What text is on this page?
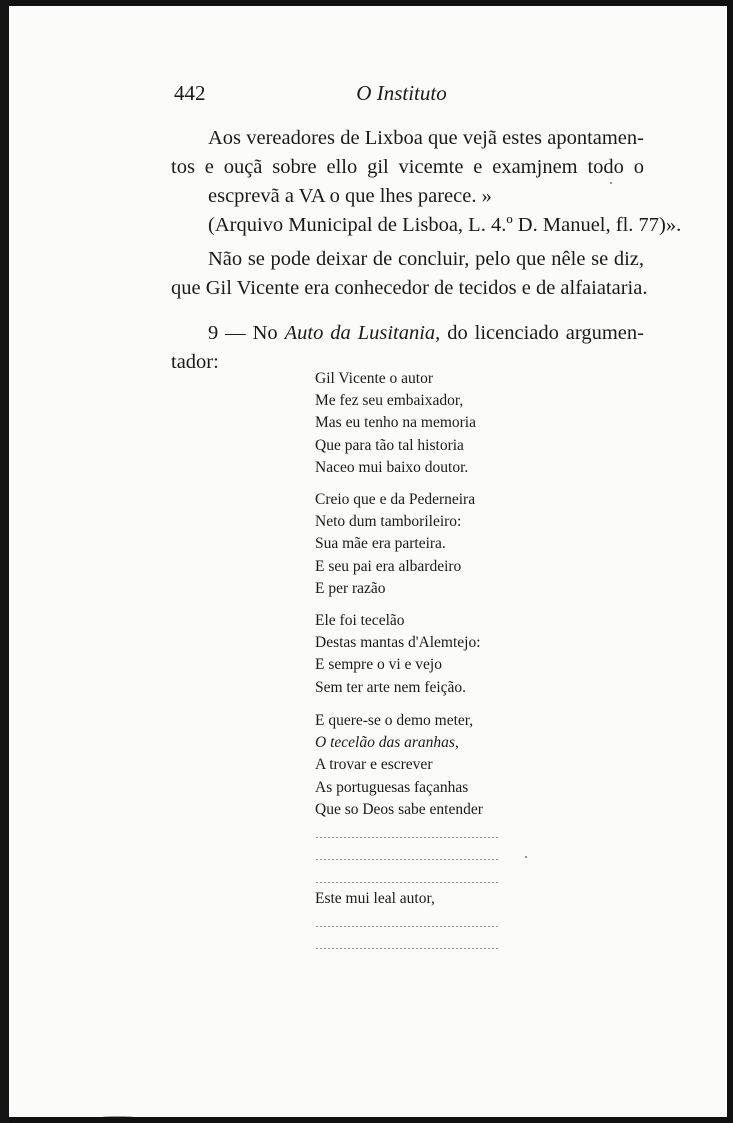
442	O Instituto
Aos vereadores de Lixboa que vejã estes apontamen-
tos e ouçã sobre ello gil vicemte e examjnem todo o
escprevã a VA o que lhes parece. »
(Arquivo Municipal de Lisboa, L. 4.º D. Manuel, fl. 77)».
Não se pode deixar de concluir, pelo que nêle se diz,
que Gil Vicente era conhecedor de tecidos e de alfaiataria.
9 — No Auto da Lusitania, do licenciado argumen-
tador:
Gil Vicente o autor
Me fez seu embaixador,
Mas eu tenho na memoria
Que para tão tal historia
Naceo mui baixo doutor.
Creio que e da Pederneira
Neto dum tamborileiro:
Sua mãe era parteira.
E seu pai era albardeiro
E per razão
Ele foi tecelão
Destas mantas d'Alemtejo:
E sempre o vi e vejo
Sem ter arte nem feição.
E quere-se o demo meter,
O tecelão das aranhas,
A trovar e escrever
As portuguesas façanhas
Que so Deos sabe entender
Este mui leal autor,
